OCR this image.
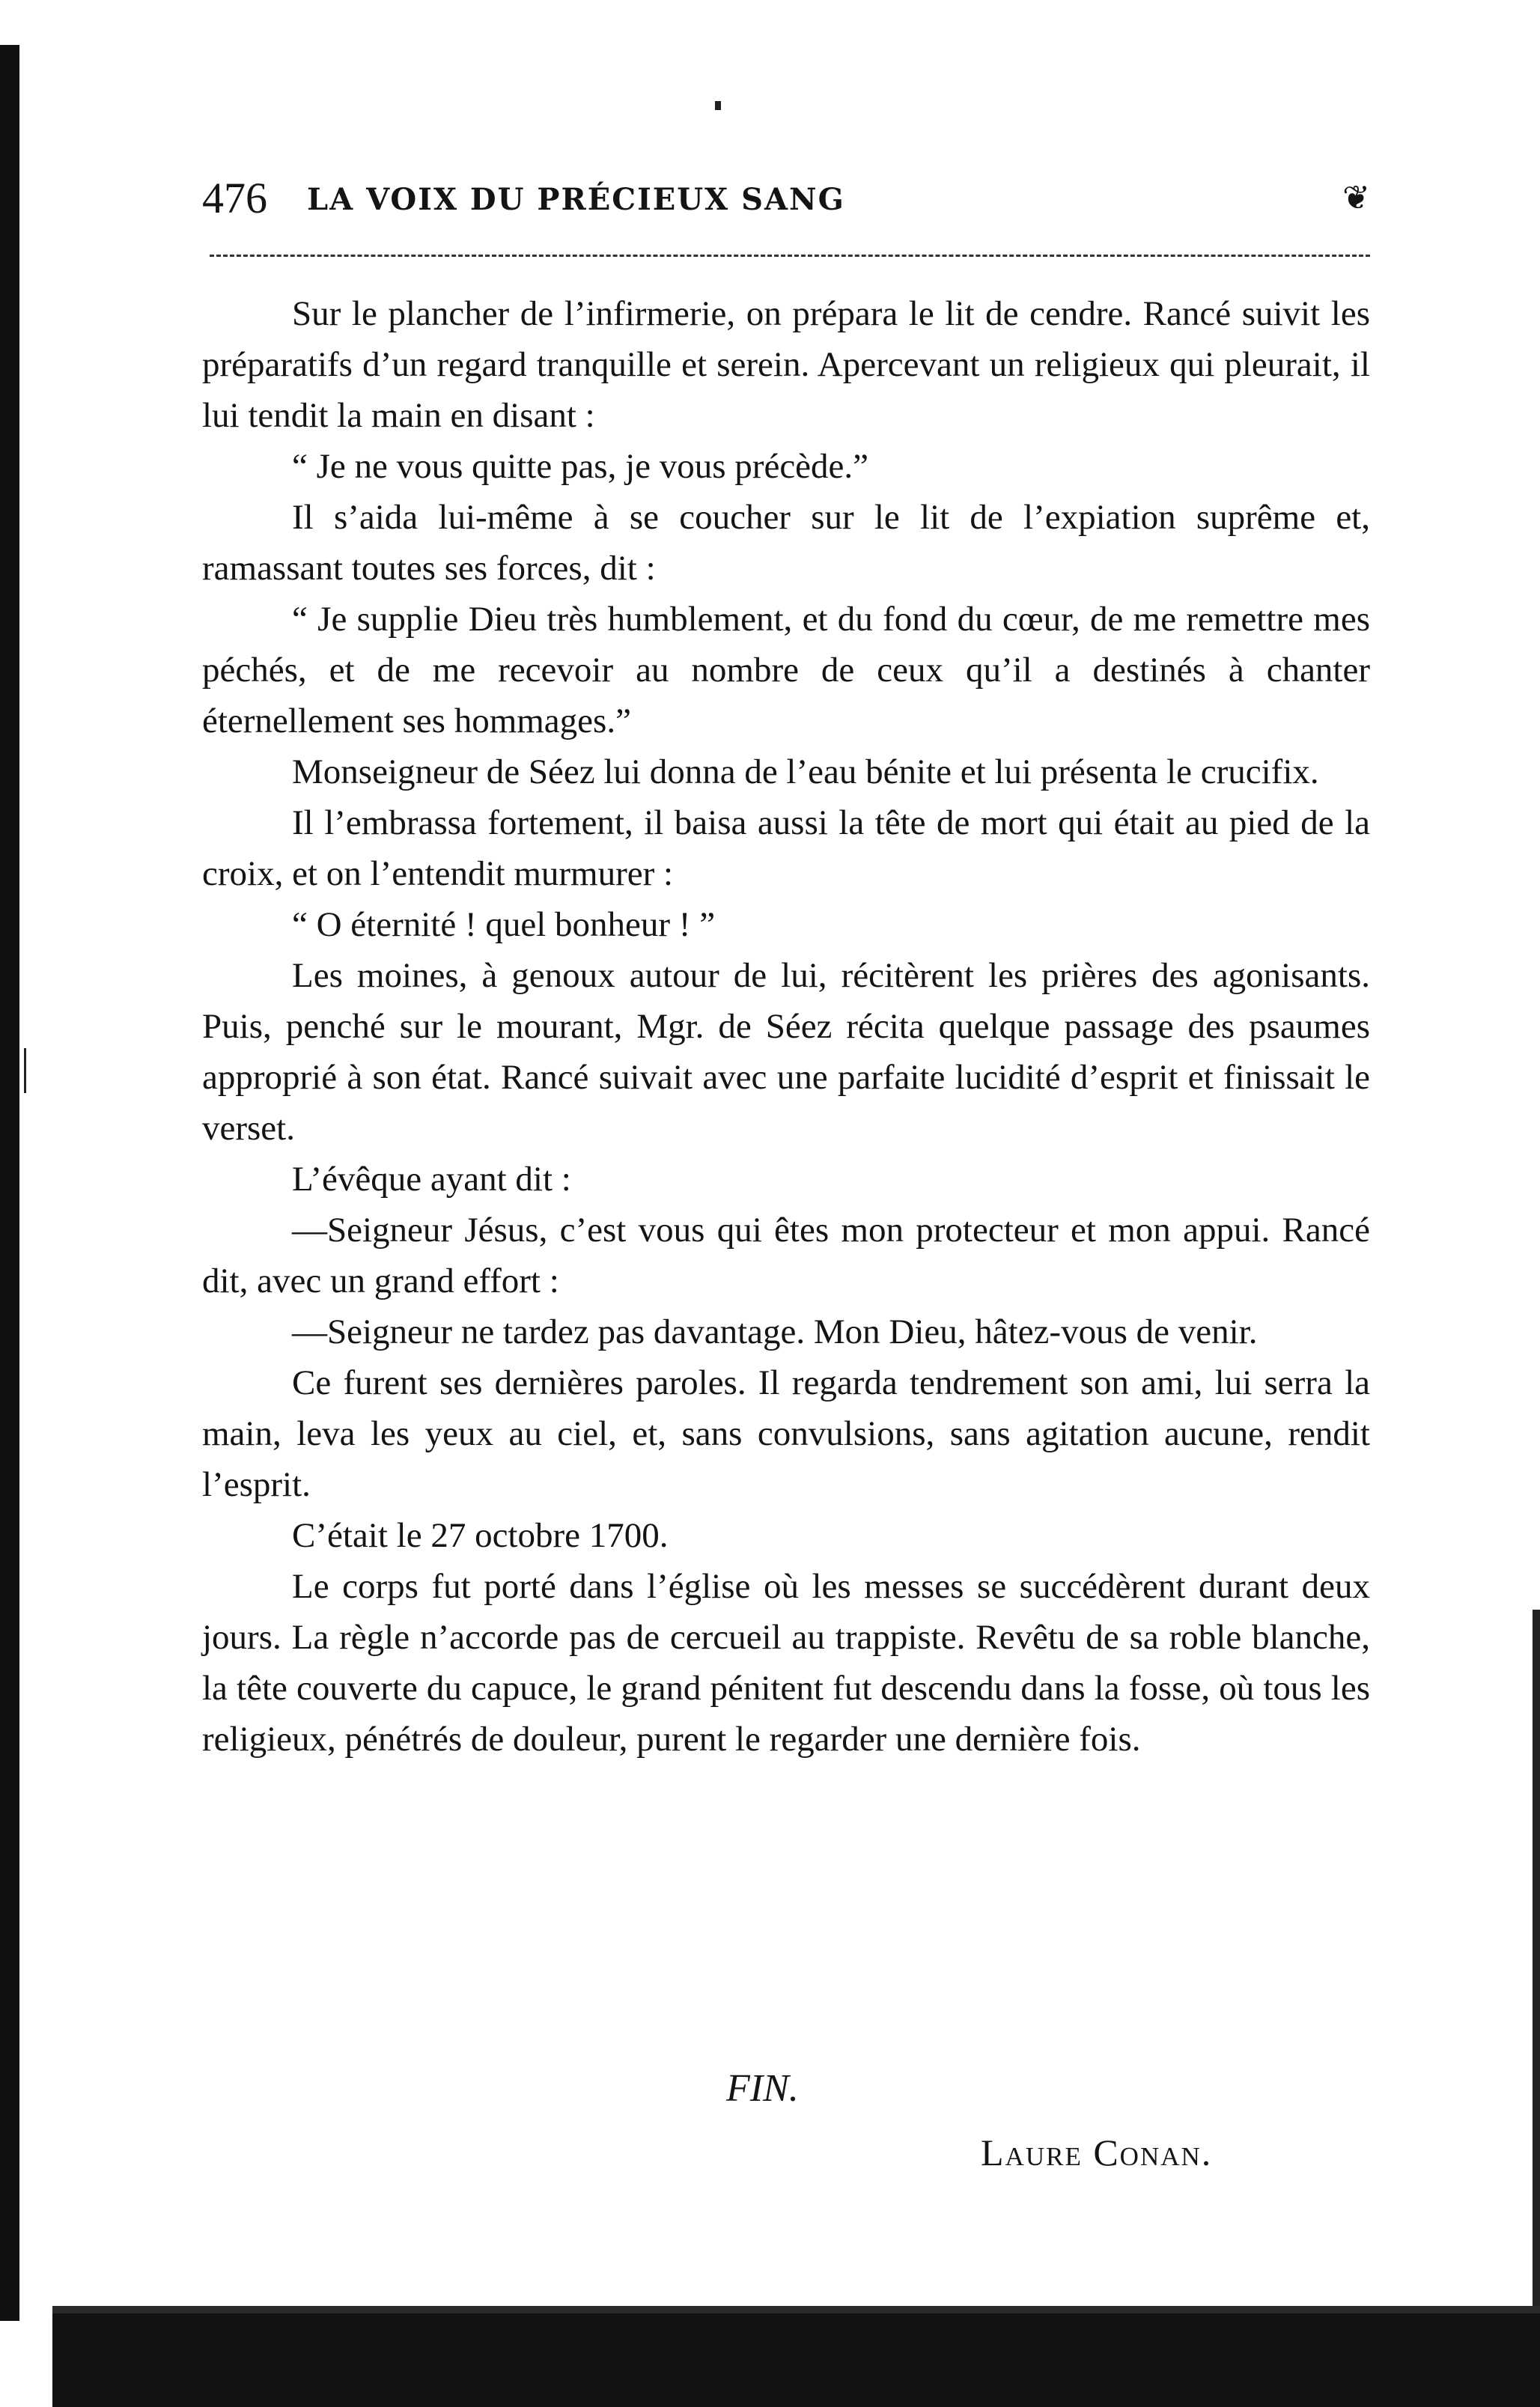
476 LA VOIX DU PRÉCIEUX SANG	❦

Sur le plancher de l’infirmerie, on prépara le lit de cendre. Rancé suivit les préparatifs d’un regard tranquille et serein. Apercevant un religieux qui pleurait, il lui tendit la main en disant :

“ Je ne vous quitte pas, je vous précède.”

Il s’aida lui-même à se coucher sur le lit de l’expiation suprême et, ramassant toutes ses forces, dit :

“ Je supplie Dieu très humblement, et du fond du cœur, de me remettre mes péchés, et de me recevoir au nombre de ceux qu’il a destinés à chanter éternellement ses hommages.”

Monseigneur de Séez lui donna de l’eau bénite et lui présenta le crucifix.

Il l’embrassa fortement, il baisa aussi la tête de mort qui était au pied de la croix, et on l’entendit murmurer :

“ O éternité ! quel bonheur ! ”

Les moines, à genoux autour de lui, récitèrent les prières des agonisants. Puis, penché sur le mourant, Mgr. de Séez récita quelque passage des psaumes approprié à son état. Rancé suivait avec une parfaite lucidité d’esprit et finissait le verset.

L’évêque ayant dit :

—Seigneur Jésus, c’est vous qui êtes mon protecteur et mon appui. Rancé dit, avec un grand effort :

—Seigneur ne tardez pas davantage. Mon Dieu, hâtez-vous de venir.

Ce furent ses dernières paroles. Il regarda tendrement son ami, lui serra la main, leva les yeux au ciel, et, sans convulsions, sans agitation aucune, rendit l’esprit.

C’était le 27 octobre 1700.

Le corps fut porté dans l’église où les messes se succédèrent durant deux jours. La règle n’accorde pas de cercueil au trappiste. Revêtu de sa roble blanche, la tête couverte du capuce, le grand pénitent fut descendu dans la fosse, où tous les religieux, pénétrés de douleur, purent le regarder une dernière fois.

FIN.
Laure Conan.
